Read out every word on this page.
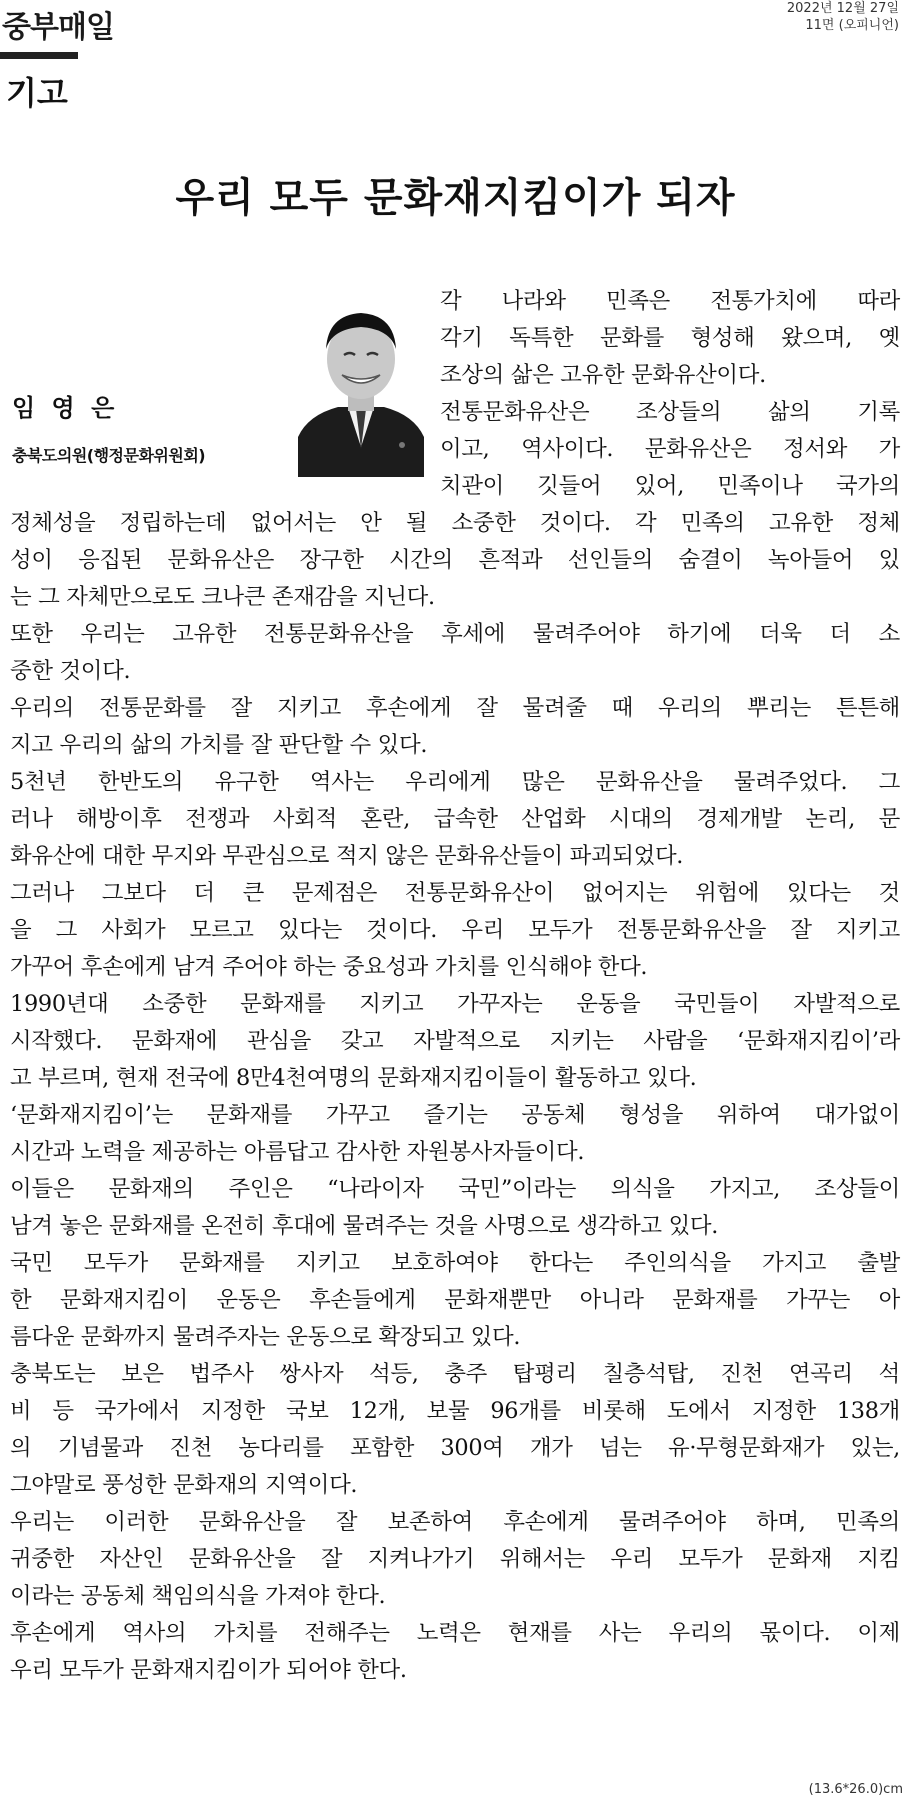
중부매일
2022년 12월 27일
11면 (오피니언)
기고
우리 모두 문화재지킴이가 되자
임 영 은
충북도의원(행정문화위원회)
각 나라와 민족은 전통가치에 따라
각기 독특한 문화를 형성해 왔으며, 옛
조상의 삶은 고유한 문화유산이다.
전통문화유산은 조상들의 삶의 기록
이고, 역사이다. 문화유산은 정서와 가
치관이 깃들어 있어, 민족이나 국가의
정체성을 정립하는데 없어서는 안 될 소중한 것이다. 각 민족의 고유한 정체
성이 응집된 문화유산은 장구한 시간의 흔적과 선인들의 숨결이 녹아들어 있
는 그 자체만으로도 크나큰 존재감을 지닌다.
또한 우리는 고유한 전통문화유산을 후세에 물려주어야 하기에 더욱 더 소
중한 것이다.
우리의 전통문화를 잘 지키고 후손에게 잘 물려줄 때 우리의 뿌리는 튼튼해
지고 우리의 삶의 가치를 잘 판단할 수 있다.
5천년 한반도의 유구한 역사는 우리에게 많은 문화유산을 물려주었다. 그
러나 해방이후 전쟁과 사회적 혼란, 급속한 산업화 시대의 경제개발 논리, 문
화유산에 대한 무지와 무관심으로 적지 않은 문화유산들이 파괴되었다.
그러나 그보다 더 큰 문제점은 전통문화유산이 없어지는 위험에 있다는 것
을 그 사회가 모르고 있다는 것이다. 우리 모두가 전통문화유산을 잘 지키고
가꾸어 후손에게 남겨 주어야 하는 중요성과 가치를 인식해야 한다.
1990년대 소중한 문화재를 지키고 가꾸자는 운동을 국민들이 자발적으로
시작했다. 문화재에 관심을 갖고 자발적으로 지키는 사람을 ‘문화재지킴이’라
고 부르며, 현재 전국에 8만4천여명의 문화재지킴이들이 활동하고 있다.
‘문화재지킴이’는 문화재를 가꾸고 즐기는 공동체 형성을 위하여 대가없이
시간과 노력을 제공하는 아름답고 감사한 자원봉사자들이다.
이들은 문화재의 주인은 “나라이자 국민”이라는 의식을 가지고, 조상들이
남겨 놓은 문화재를 온전히 후대에 물려주는 것을 사명으로 생각하고 있다.
국민 모두가 문화재를 지키고 보호하여야 한다는 주인의식을 가지고 출발
한 문화재지킴이 운동은 후손들에게 문화재뿐만 아니라 문화재를 가꾸는 아
름다운 문화까지 물려주자는 운동으로 확장되고 있다.
충북도는 보은 법주사 쌍사자 석등, 충주 탑평리 칠층석탑, 진천 연곡리 석
비 등 국가에서 지정한 국보 12개, 보물 96개를 비롯해 도에서 지정한 138개
의 기념물과 진천 농다리를 포함한 300여 개가 넘는 유·무형문화재가 있는,
그야말로 풍성한 문화재의 지역이다.
우리는 이러한 문화유산을 잘 보존하여 후손에게 물려주어야 하며, 민족의
귀중한 자산인 문화유산을 잘 지켜나가기 위해서는 우리 모두가 문화재 지킴
이라는 공동체 책임의식을 가져야 한다.
후손에게 역사의 가치를 전해주는 노력은 현재를 사는 우리의 몫이다. 이제
우리 모두가 문화재지킴이가 되어야 한다.
(13.6*26.0)cm
